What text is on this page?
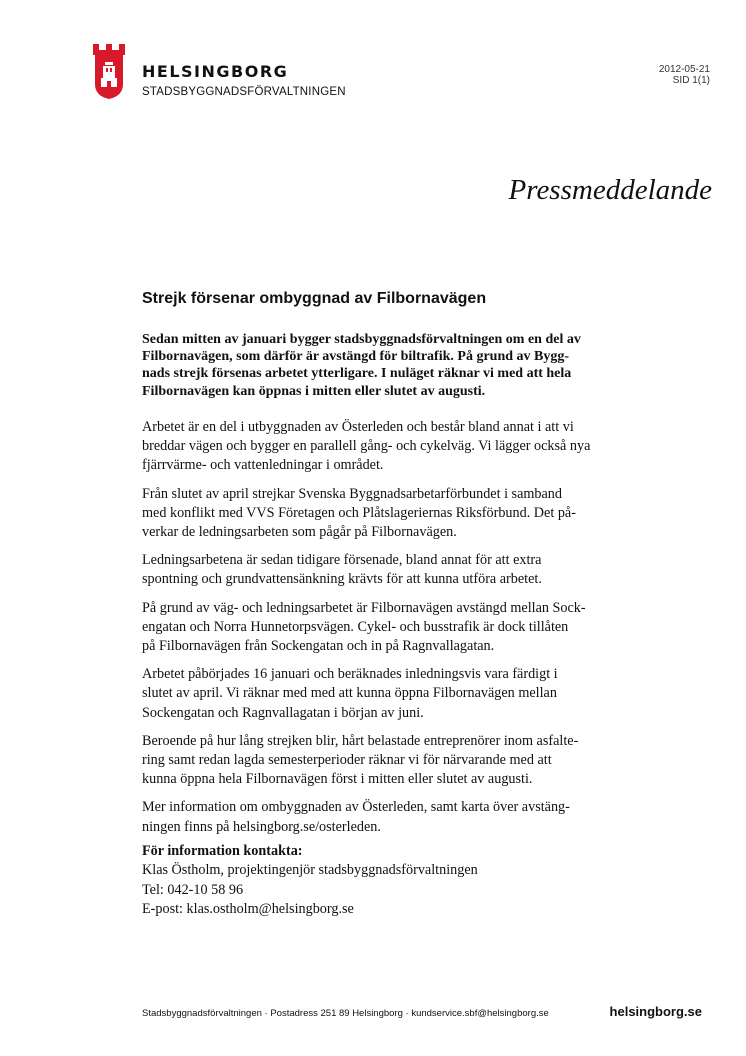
HELSINGBORG
STADSBYGGNADSFÖRVALTNINGEN
2012-05-21
SID 1(1)
Pressmeddelande
Strejk försenar ombyggnad av Filbornavägen
Sedan mitten av januari bygger stadsbyggnadsförvaltningen om en del av
Filbornavägen, som därför är avstängd för biltrafik. På grund av Bygg-
nads strejk försenas arbetet ytterligare. I nuläget räknar vi med att hela
Filbornavägen kan öppnas i mitten eller slutet av augusti.

Arbetet är en del i utbyggnaden av Österleden och består bland annat i att vi
breddar vägen och bygger en parallell gång- och cykelväg. Vi lägger också nya
fjärrvärme- och vattenledningar i området.

Från slutet av april strejkar Svenska Byggnadsarbetarförbundet i samband
med konflikt med VVS Företagen och Plåtslageriernas Riksförbund. Det på-
verkar de ledningsarbeten som pågår på Filbornavägen.

Ledningsarbetena är sedan tidigare försenade, bland annat för att extra
spontning och grundvattensänkning krävts för att kunna utföra arbetet.

På grund av väg- och ledningsarbetet är Filbornavägen avstängd mellan Sock-
engatan och Norra Hunnetorpsvägen. Cykel- och busstrafik är dock tillåten
på Filbornavägen från Sockengatan och in på Ragnvallagatan.

Arbetet påbörjades 16 januari och beräknades inledningsvis vara färdigt i
slutet av april. Vi räknar med med att kunna öppna Filbornavägen mellan
Sockengatan och Ragnvallagatan i början av juni.

Beroende på hur lång strejken blir, hårt belastade entreprenörer inom asfalte-
ring samt redan lagda semesterperioder räknar vi för närvarande med att
kunna öppna hela Filbornavägen först i mitten eller slutet av augusti.

Mer information om ombyggnaden av Österleden, samt karta över avstäng-
ningen finns på helsingborg.se/osterleden.

För information kontakta:
Klas Östholm, projektingenjör stadsbyggnadsförvaltningen
Tel: 042-10 58 96
E-post: klas.ostholm@helsingborg.se
Stadsbyggnadsförvaltningen · Postadress 251 89 Helsingborg · kundservice.sbf@helsingborg.se	helsingborg.se
